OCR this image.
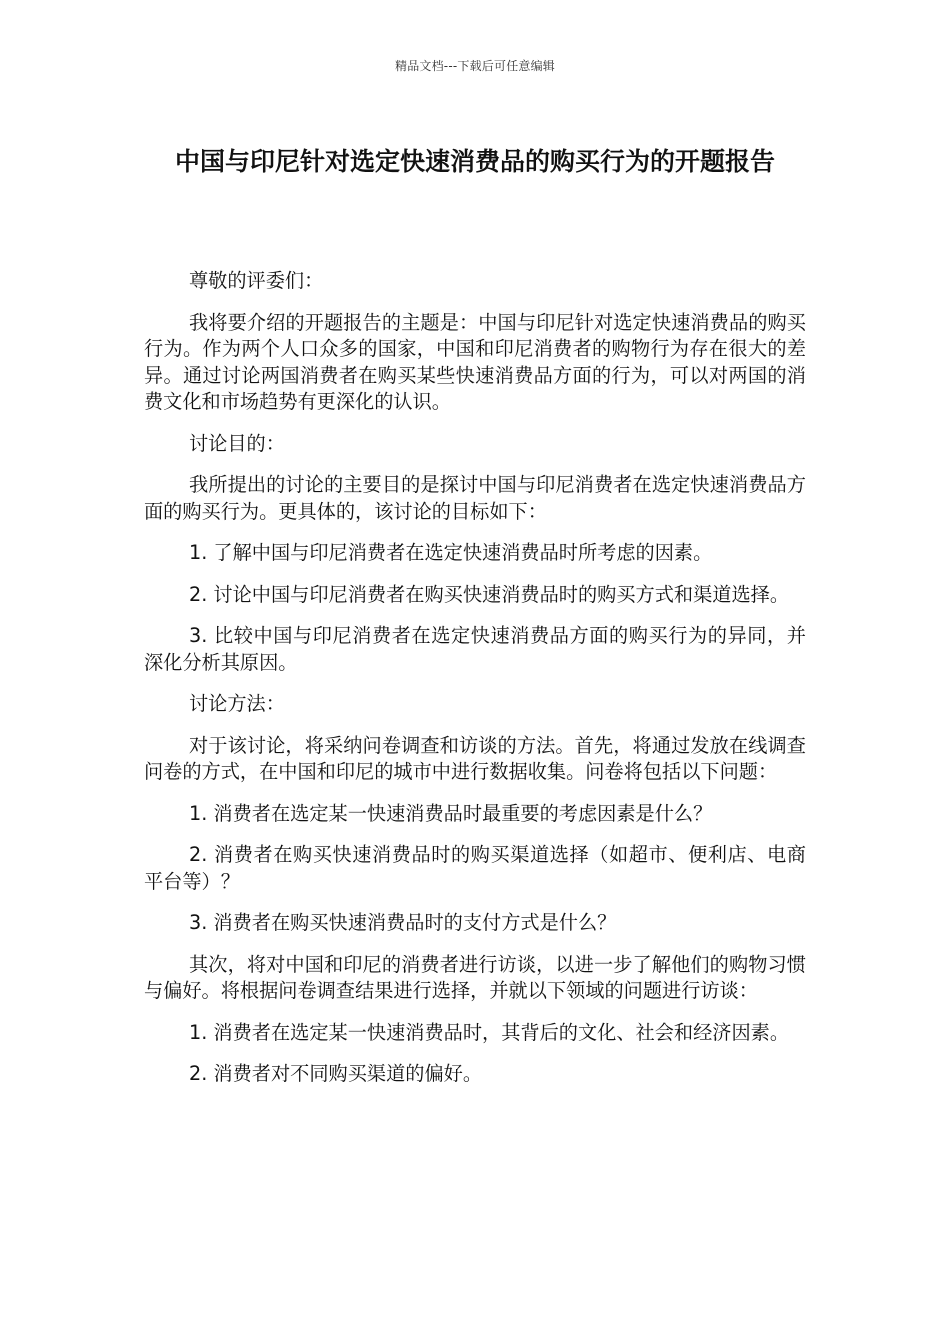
精品文档---下载后可任意编辑
中国与印尼针对选定快速消费品的购买行为的开题报告

尊敬的评委们：

我将要介绍的开题报告的主题是：中国与印尼针对选定快速消费品的购买行为。作为两个人口众多的国家，中国和印尼消费者的购物行为存在很大的差异。通过讨论两国消费者在购买某些快速消费品方面的行为，可以对两国的消费文化和市场趋势有更深化的认识。

讨论目的：

我所提出的讨论的主要目的是探讨中国与印尼消费者在选定快速消费品方面的购买行为。更具体的，该讨论的目标如下：

1. 了解中国与印尼消费者在选定快速消费品时所考虑的因素。

2. 讨论中国与印尼消费者在购买快速消费品时的购买方式和渠道选择。

3. 比较中国与印尼消费者在选定快速消费品方面的购买行为的异同，并深化分析其原因。

讨论方法：

对于该讨论，将采纳问卷调查和访谈的方法。首先，将通过发放在线调查问卷的方式，在中国和印尼的城市中进行数据收集。问卷将包括以下问题：

1. 消费者在选定某一快速消费品时最重要的考虑因素是什么？

2. 消费者在购买快速消费品时的购买渠道选择（如超市、便利店、电商平台等）？

3. 消费者在购买快速消费品时的支付方式是什么？

其次，将对中国和印尼的消费者进行访谈，以进一步了解他们的购物习惯与偏好。将根据问卷调查结果进行选择，并就以下领域的问题进行访谈：

1. 消费者在选定某一快速消费品时，其背后的文化、社会和经济因素。

2. 消费者对不同购买渠道的偏好。
